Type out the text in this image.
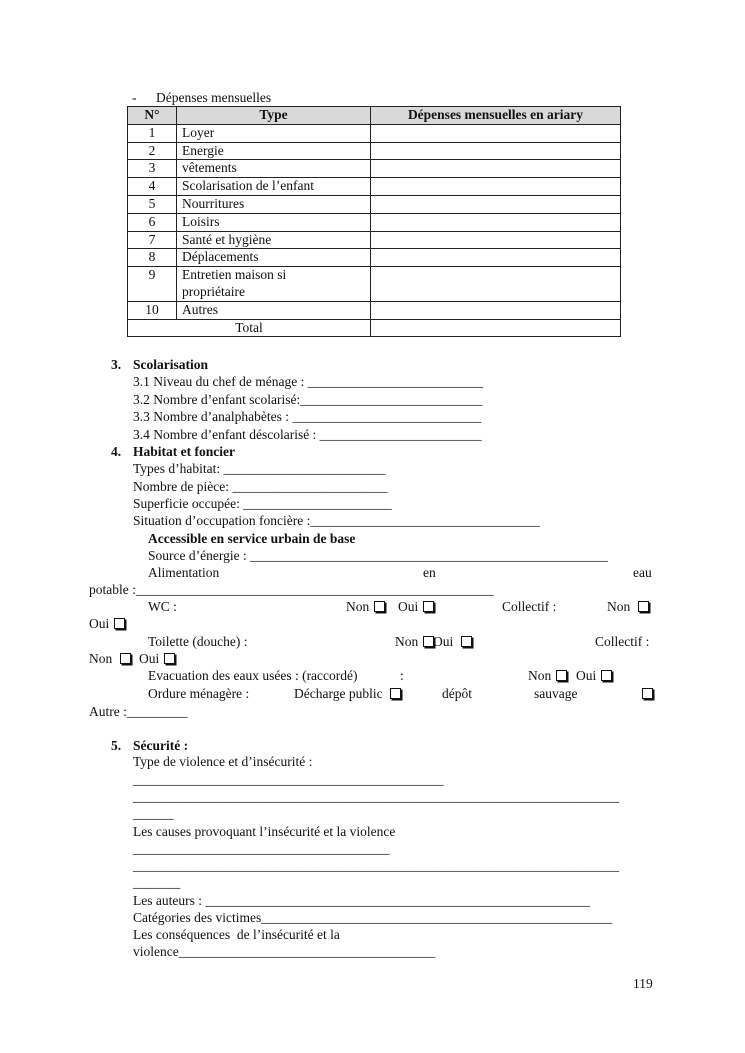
- Dépenses mensuelles
N°	Type	Dépenses mensuelles en ariary
1	Loyer	
2	Energie	
3	vêtements	
4	Scolarisation de l’enfant	
5	Nourritures	
6	Loisirs	
7	Santé et hygiène	
8	Déplacements	
9	Entretien maison si propriétaire	
10	Autres	
Total		
3. Scolarisation
3.1 Niveau du chef de ménage : __________________________
3.2 Nombre d’enfant scolarisé:___________________________
3.3 Nombre d’analphabètes : ____________________________
3.4 Nombre d’enfant déscolarisé : ________________________
4. Habitat et foncier
Types d’habitat: ________________________
Nombre de pièce: _______________________
Superficie occupée: ______________________
Situation d’occupation foncière :__________________________________
Accessible en service urbain de base
Source d’énergie : _____________________________________________________
Alimentation	en	eau
potable :_____________________________________________________
WC :	Non	Oui	Collectif :	Non
Oui
Toilette (douche) :	Non	Oui	Collectif :
Non	Oui
Evacuation des eaux usées : (raccordé)	:	Non	Oui
Ordure ménagère :	Décharge public	dépôt	sauvage
Autre :_________
5. Sécurité :
Type de violence et d’insécurité :
______________________________________________
________________________________________________________________________
______
Les causes provoquant l’insécurité et la violence
______________________________________
________________________________________________________________________
_______
Les auteurs : _________________________________________________________
Catégories des victimes____________________________________________________
Les conséquences  de l’insécurité et la
violence______________________________________
119
